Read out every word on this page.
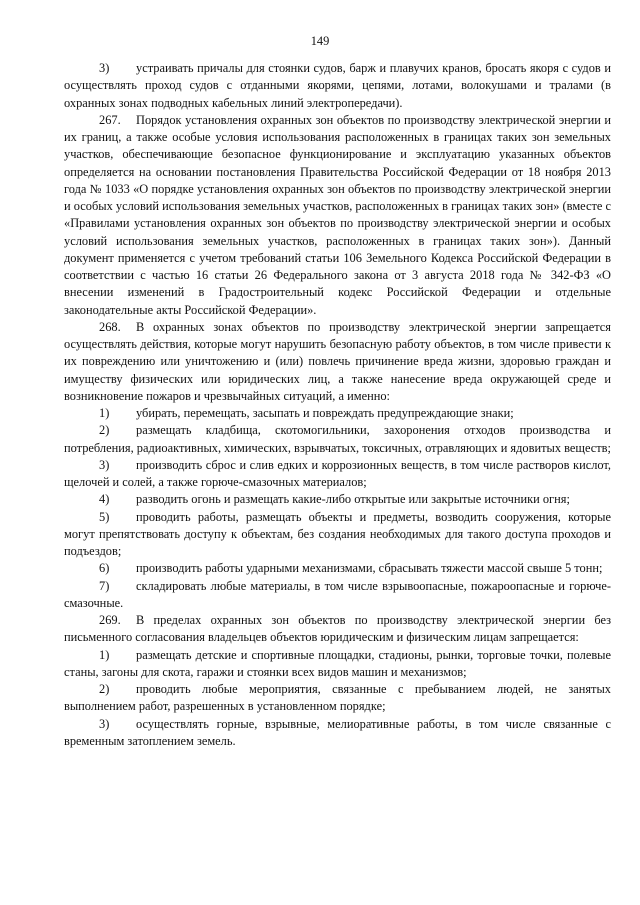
149

3) устраивать причалы для стоянки судов, барж и плавучих кранов, бросать якоря с судов и осуществлять проход судов с отданными якорями, цепями, лотами, волокушами и тралами (в охранных зонах подводных кабельных линий электропередачи).

267. Порядок установления охранных зон объектов по производству электрической энергии и их границ, а также особые условия использования расположенных в границах таких зон земельных участков, обеспечивающие безопасное функционирование и эксплуатацию указанных объектов определяется на основании постановления Правительства Российской Федерации от 18 ноября 2013 года № 1033 «О порядке установления охранных зон объектов по производству электрической энергии и особых условий использования земельных участков, расположенных в границах таких зон» (вместе с «Правилами установления охранных зон объектов по производству электрической энергии и особых условий использования земельных участков, расположенных в границах таких зон»). Данный документ применяется с учетом требований статьи 106 Земельного Кодекса Российской Федерации в соответствии с частью 16 статьи 26 Федерального закона от 3 августа 2018 года № 342-ФЗ «О внесении изменений в Градостроительный кодекс Российской Федерации и отдельные законодательные акты Российской Федерации».

268. В охранных зонах объектов по производству электрической энергии запрещается осуществлять действия, которые могут нарушить безопасную работу объектов, в том числе привести к их повреждению или уничтожению и (или) повлечь причинение вреда жизни, здоровью граждан и имуществу физических или юридических лиц, а также нанесение вреда окружающей среде и возникновение пожаров и чрезвычайных ситуаций, а именно:

1) убирать, перемещать, засыпать и повреждать предупреждающие знаки;

2) размещать кладбища, скотомогильники, захоронения отходов производства и потребления, радиоактивных, химических, взрывчатых, токсичных, отравляющих и ядовитых веществ;

3) производить сброс и слив едких и коррозионных веществ, в том числе растворов кислот, щелочей и солей, а также горюче-смазочных материалов;

4) разводить огонь и размещать какие-либо открытые или закрытые источники огня;

5) проводить работы, размещать объекты и предметы, возводить сооружения, которые могут препятствовать доступу к объектам, без создания необходимых для такого доступа проходов и подъездов;

6) производить работы ударными механизмами, сбрасывать тяжести массой свыше 5 тонн;

7) складировать любые материалы, в том числе взрывоопасные, пожароопасные и горюче-смазочные.

269. В пределах охранных зон объектов по производству электрической энергии без письменного согласования владельцев объектов юридическим и физическим лицам запрещается:

1) размещать детские и спортивные площадки, стадионы, рынки, торговые точки, полевые станы, загоны для скота, гаражи и стоянки всех видов машин и механизмов;

2) проводить любые мероприятия, связанные с пребыванием людей, не занятых выполнением работ, разрешенных в установленном порядке;

3) осуществлять горные, взрывные, мелиоративные работы, в том числе связанные с временным затоплением земель.
